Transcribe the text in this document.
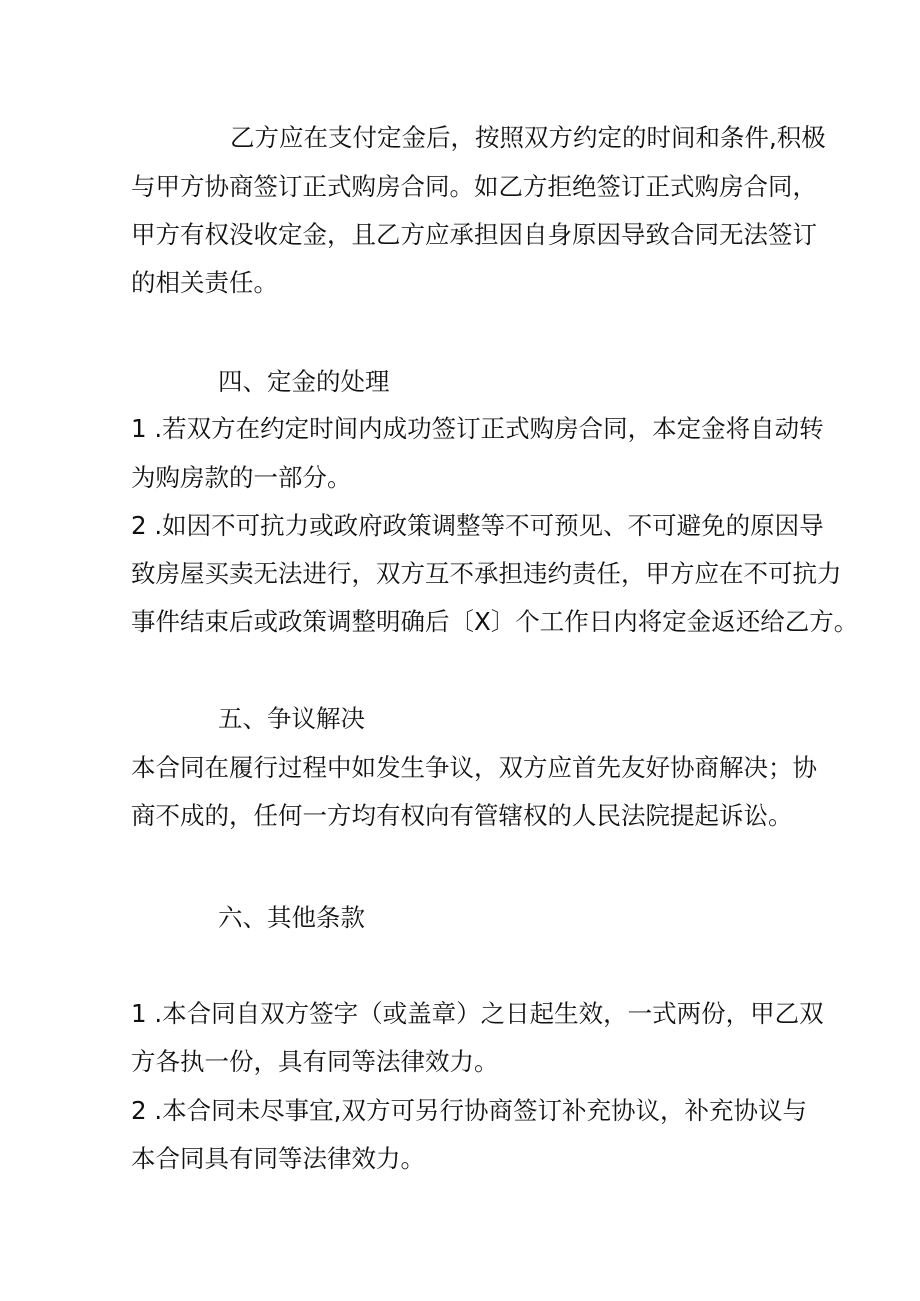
乙方应在支付定金后，按照双方约定的时间和条件,积极
与甲方协商签订正式购房合同。如乙方拒绝签订正式购房合同，
甲方有权没收定金，且乙方应承担因自身原因导致合同无法签订
的相关责任。
四、定金的处理
1 .若双方在约定时间内成功签订正式购房合同，本定金将自动转
为购房款的一部分。
2 .如因不可抗力或政府政策调整等不可预见、不可避免的原因导
致房屋买卖无法进行，双方互不承担违约责任，甲方应在不可抗力
事件结束后或政策调整明确后〔X〕个工作日内将定金返还给乙方。
五、争议解决
本合同在履行过程中如发生争议，双方应首先友好协商解决；协
商不成的，任何一方均有权向有管辖权的人民法院提起诉讼。
六、其他条款
1 .本合同自双方签字（或盖章）之日起生效，一式两份，甲乙双
方各执一份，具有同等法律效力。
2 .本合同未尽事宜,双方可另行协商签订补充协议，补充协议与
本合同具有同等法律效力。
